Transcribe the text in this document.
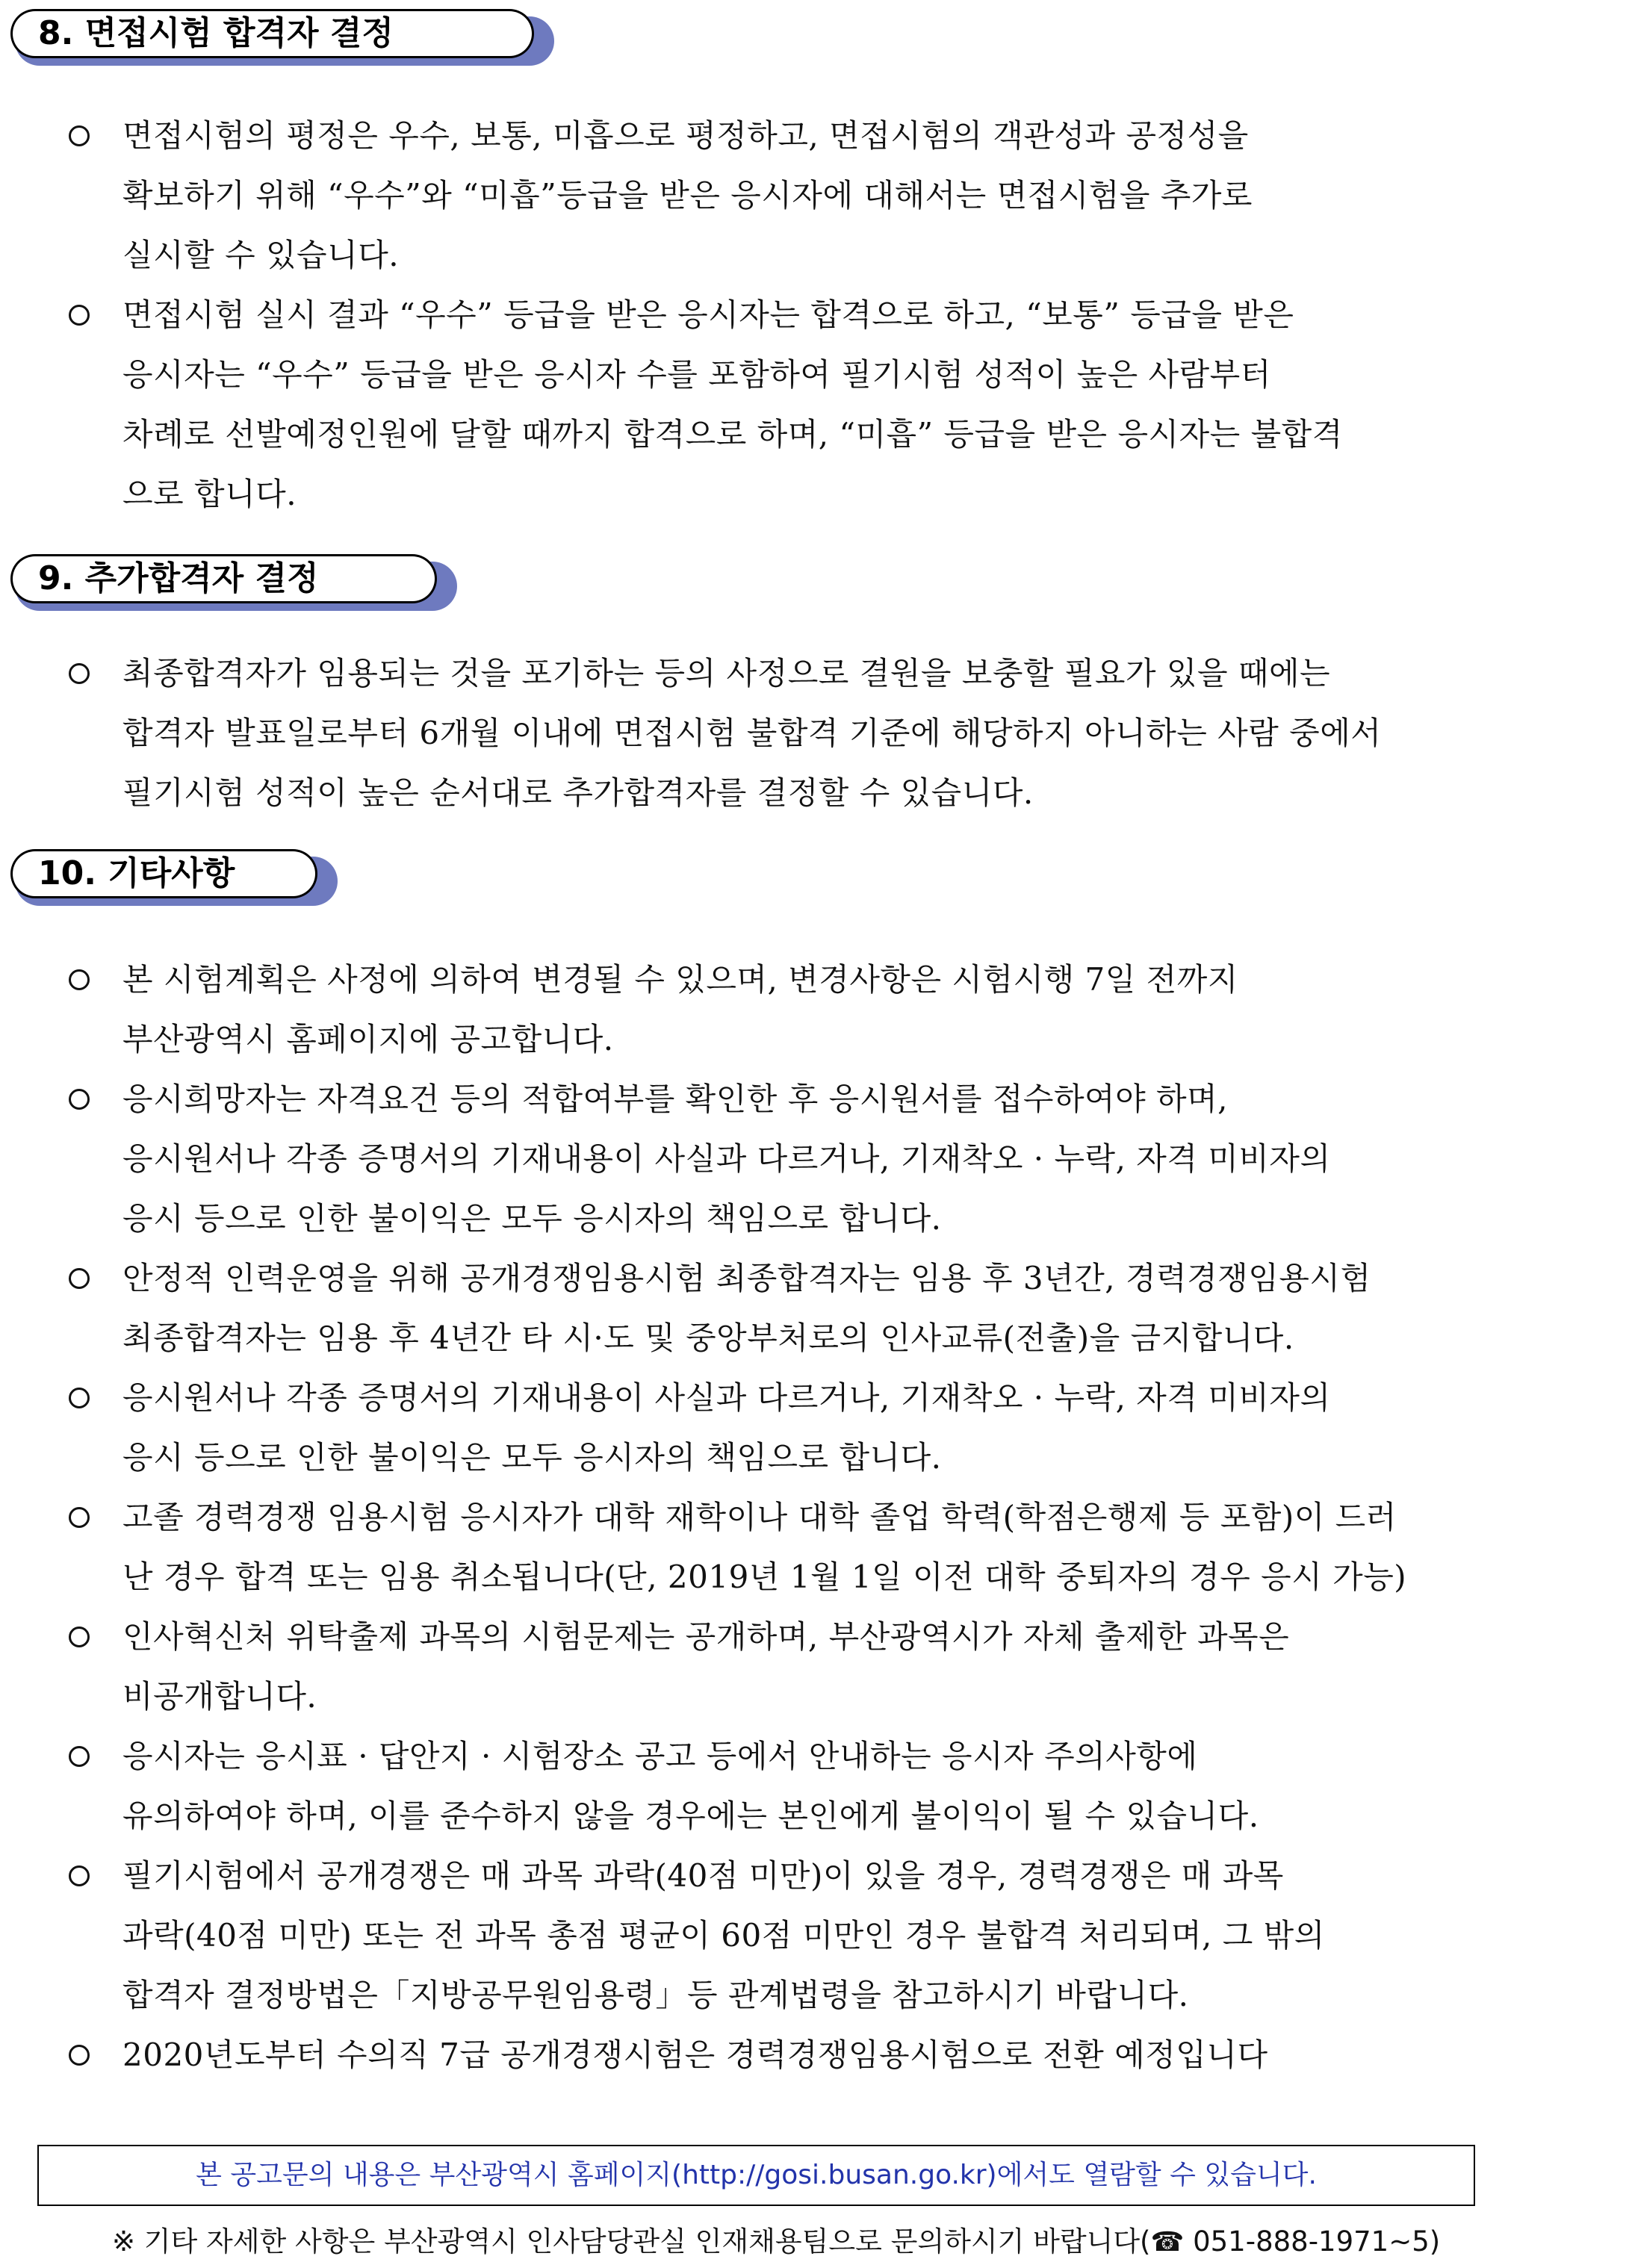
8. 면접시험 합격자 결정
면접시험의 평정은 우수, 보통, 미흡으로 평정하고, 면접시험의 객관성과 공정성을
확보하기 위해 “우수”와 “미흡”등급을 받은 응시자에 대해서는 면접시험을 추가로
실시할 수 있습니다.
면접시험 실시 결과 “우수” 등급을 받은 응시자는 합격으로 하고, “보통” 등급을 받은
응시자는 “우수” 등급을 받은 응시자 수를 포함하여 필기시험 성적이 높은 사람부터
차례로 선발예정인원에 달할 때까지 합격으로 하며, “미흡” 등급을 받은 응시자는 불합격
으로 합니다.
9. 추가합격자 결정
최종합격자가 임용되는 것을 포기하는 등의 사정으로 결원을 보충할 필요가 있을 때에는
합격자 발표일로부터 6개월 이내에 면접시험 불합격 기준에 해당하지 아니하는 사람 중에서
필기시험 성적이 높은 순서대로 추가합격자를 결정할 수 있습니다.
10. 기타사항
본 시험계획은 사정에 의하여 변경될 수 있으며, 변경사항은 시험시행 7일 전까지
부산광역시 홈페이지에 공고합니다.
응시희망자는 자격요건 등의 적합여부를 확인한 후 응시원서를 접수하여야 하며,
응시원서나 각종 증명서의 기재내용이 사실과 다르거나, 기재착오 · 누락, 자격 미비자의
응시 등으로 인한 불이익은 모두 응시자의 책임으로 합니다.
안정적 인력운영을 위해 공개경쟁임용시험 최종합격자는 임용 후 3년간, 경력경쟁임용시험
최종합격자는 임용 후 4년간 타 시·도 및 중앙부처로의 인사교류(전출)을 금지합니다.
응시원서나 각종 증명서의 기재내용이 사실과 다르거나, 기재착오 · 누락, 자격 미비자의
응시 등으로 인한 불이익은 모두 응시자의 책임으로 합니다.
고졸 경력경쟁 임용시험 응시자가 대학 재학이나 대학 졸업 학력(학점은행제 등 포함)이 드러
난 경우 합격 또는 임용 취소됩니다(단, 2019년 1월 1일 이전 대학 중퇴자의 경우 응시 가능)
인사혁신처 위탁출제 과목의 시험문제는 공개하며, 부산광역시가 자체 출제한 과목은
비공개합니다.
응시자는 응시표 · 답안지 · 시험장소 공고 등에서 안내하는 응시자 주의사항에
유의하여야 하며, 이를 준수하지 않을 경우에는 본인에게 불이익이 될 수 있습니다.
필기시험에서 공개경쟁은 매 과목 과락(40점 미만)이 있을 경우, 경력경쟁은 매 과목
과락(40점 미만) 또는 전 과목 총점 평균이 60점 미만인 경우 불합격 처리되며, 그 밖의
합격자 결정방법은「지방공무원임용령」등 관계법령을 참고하시기 바랍니다.
2020년도부터 수의직 7급 공개경쟁시험은 경력경쟁임용시험으로 전환 예정입니다
본 공고문의 내용은 부산광역시 홈페이지(http://gosi.busan.go.kr)에서도 열람할 수 있습니다.
※ 기타 자세한 사항은 부산광역시 인사담당관실 인재채용팀으로 문의하시기 바랍니다(☎ 051-888-1971∼5)
